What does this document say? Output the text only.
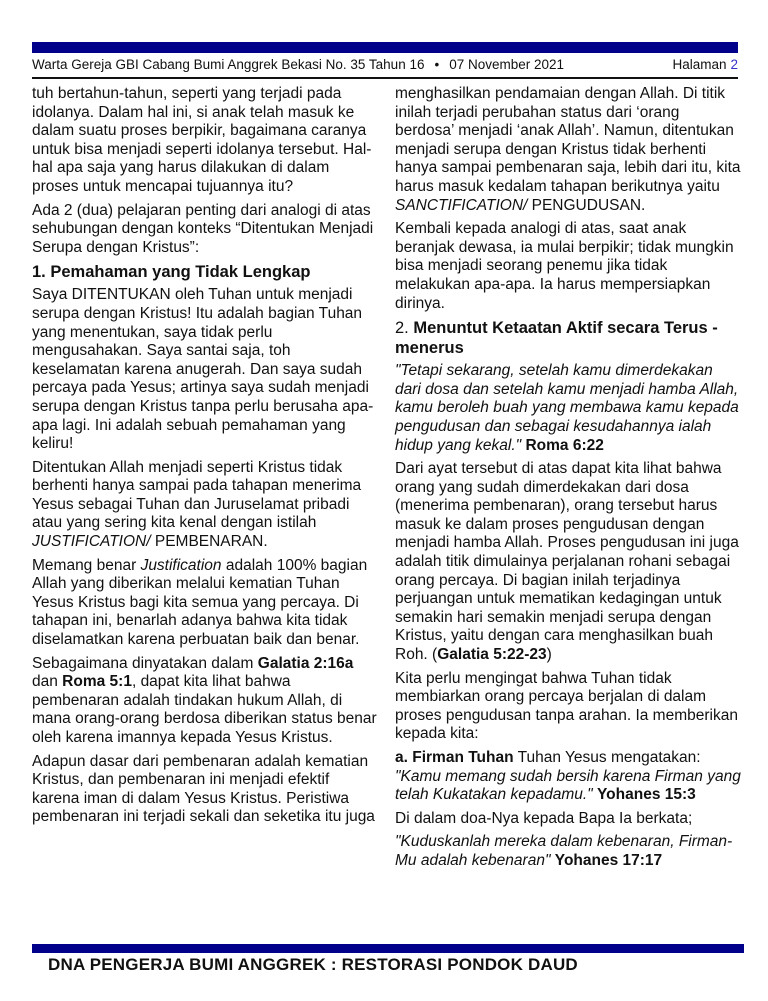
Warta Gereja GBI Cabang Bumi Anggrek Bekasi No. 35 Tahun 16 • 07 November 2021	Halaman 2

tuh bertahun-tahun, seperti yang terjadi pada idolanya. Dalam hal ini, si anak telah masuk ke dalam suatu proses berpikir, bagaimana caranya untuk bisa menjadi seperti idolanya tersebut. Hal-hal apa saja yang harus dilakukan di dalam proses untuk mencapai tujuannya itu?

Ada 2 (dua) pelajaran penting dari analogi di atas sehubungan dengan konteks “Ditentukan Menjadi Serupa dengan Kristus”:

1. Pemahaman yang Tidak Lengkap

Saya DITENTUKAN oleh Tuhan untuk menjadi serupa dengan Kristus! Itu adalah bagian Tuhan yang menentukan, saya tidak perlu mengusahakan. Saya santai saja, toh keselamatan karena anugerah. Dan saya sudah percaya pada Yesus; artinya saya sudah menjadi serupa dengan Kristus tanpa perlu berusaha apa-apa lagi. Ini adalah sebuah pemahaman yang keliru!

Ditentukan Allah menjadi seperti Kristus tidak berhenti hanya sampai pada tahapan menerima Yesus sebagai Tuhan dan Juruselamat pribadi atau yang sering kita kenal dengan istilah JUSTIFICATION/ PEMBENARAN.

Memang benar Justification adalah 100% bagian Allah yang diberikan melalui kematian Tuhan Yesus Kristus bagi kita semua yang percaya. Di tahapan ini, benarlah adanya bahwa kita tidak diselamatkan karena perbuatan baik dan benar.

Sebagaimana dinyatakan dalam Galatia 2:16a dan Roma 5:1, dapat kita lihat bahwa pembenaran adalah tindakan hukum Allah, di mana orang-orang berdosa diberikan status benar oleh karena imannya kepada Yesus Kristus.

Adapun dasar dari pembenaran adalah kematian Kristus, dan pembenaran ini menjadi efektif karena iman di dalam Yesus Kristus. Peristiwa pembenaran ini terjadi sekali dan seketika itu juga

menghasilkan pendamaian dengan Allah. Di titik inilah terjadi perubahan status dari ‘orang berdosa’ menjadi ‘anak Allah’. Namun, ditentukan menjadi serupa dengan Kristus tidak berhenti hanya sampai pembenaran saja, lebih dari itu, kita harus masuk kedalam tahapan berikutnya yaitu SANCTIFICATION/ PENGUDUSAN.

Kembali kepada analogi di atas, saat anak beranjak dewasa, ia mulai berpikir; tidak mungkin bisa menjadi seorang penemu jika tidak melakukan apa-apa. Ia harus mempersiapkan dirinya.

2. Menuntut Ketaatan Aktif secara Terus -menerus

"Tetapi sekarang, setelah kamu dimerdekakan dari dosa dan setelah kamu menjadi hamba Allah, kamu beroleh buah yang membawa kamu kepada pengudusan dan sebagai kesudahannya ialah hidup yang kekal." Roma 6:22

Dari ayat tersebut di atas dapat kita lihat bahwa orang yang sudah dimerdekakan dari dosa (menerima pembenaran), orang tersebut harus masuk ke dalam proses pengudusan dengan menjadi hamba Allah. Proses pengudusan ini juga adalah titik dimulainya perjalanan rohani sebagai orang percaya. Di bagian inilah terjadinya perjuangan untuk mematikan kedagingan untuk semakin hari semakin menjadi serupa dengan Kristus, yaitu dengan cara menghasilkan buah Roh. (Galatia 5:22-23)

Kita perlu mengingat bahwa Tuhan tidak membiarkan orang percaya berjalan di dalam proses pengudusan tanpa arahan. Ia memberikan kepada kita:

a. Firman Tuhan Tuhan Yesus mengatakan: "Kamu memang sudah bersih karena Firman yang telah Kukatakan kepadamu." Yohanes 15:3

Di dalam doa-Nya kepada Bapa Ia berkata;

"Kuduskanlah mereka dalam kebenaran, Firman-Mu adalah kebenaran" Yohanes 17:17

DNA PENGERJA BUMI ANGGREK : RESTORASI PONDOK DAUD
